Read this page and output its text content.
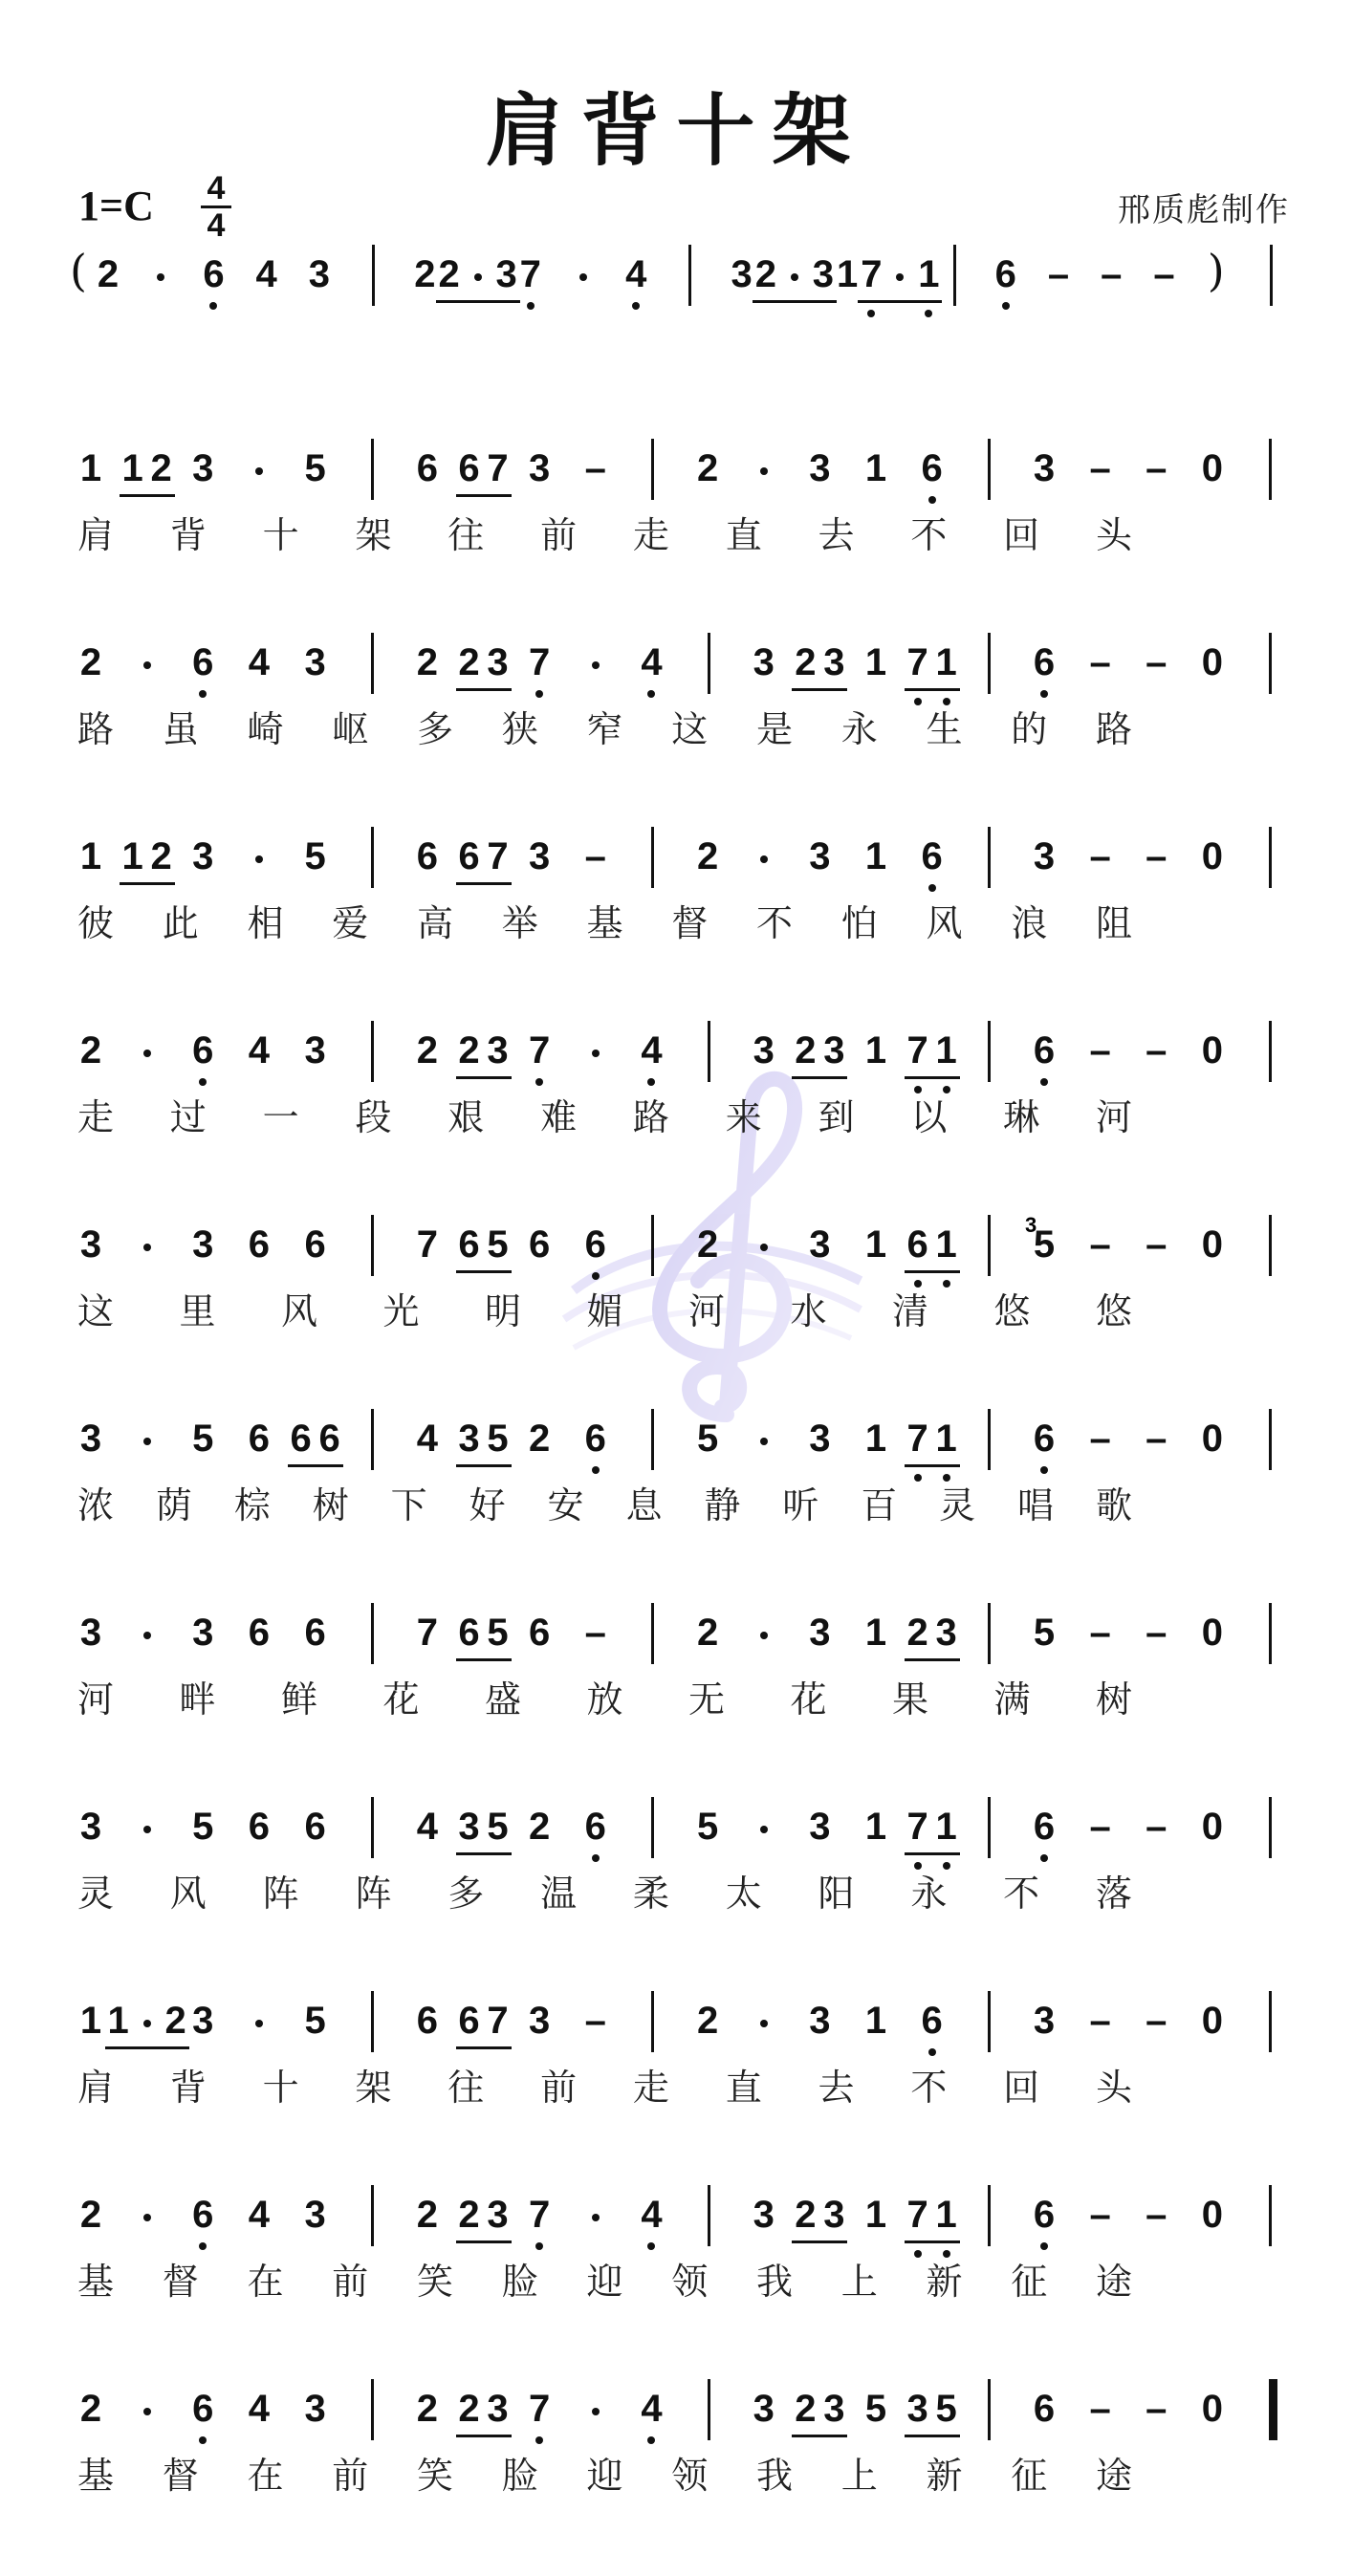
肩背十架
1=C 4
4	邢质彪制作
( 2 6 4 3 2 2 3 7 4 3 2 3 1 7 1 6 – – – )
1 1 2 3 5 6 6 7 3 – 2 3 1 6 3 – – 0
肩 背 十 架 往 前 走 直 去 不 回 头
2 6 4 3 2 2 3 7 4 3 2 3 1 7 1 6 – – 0
路 虽 崎 岖 多 狭 窄 这 是 永 生 的 路
1 1 2 3 5 6 6 7 3 – 2 3 1 6 3 – – 0
彼 此 相 爱 高 举 基 督 不 怕 风 浪 阻
2 6 4 3 2 2 3 7 4 3 2 3 1 7 1 6 – – 0
走 过 一 段 艰 难 路 来 到 以 琳 河
3 3 6 6 7 6 5 6 6 2 3 1 6 1 5 – – 0
3
这 里 风 光 明 媚 河 水 清 悠 悠
3 5 6 6 6 4 3 5 2 6 5 3 1 7 1 6 – – 0
浓 荫 棕 树 下 好 安 息 静 听 百 灵 唱 歌
3 3 6 6 7 6 5 6 – 2 3 1 2 3 5 – – 0
河 畔 鲜 花 盛 放 无 花 果 满 树
3 5 6 6 4 3 5 2 6 5 3 1 7 1 6 – – 0
灵 风 阵 阵 多 温 柔 太 阳 永 不 落
1 1 2 3 5 6 6 7 3 – 2 3 1 6 3 – – 0
肩 背 十 架 往 前 走 直 去 不 回 头
2 6 4 3 2 2 3 7 4 3 2 3 1 7 1 6 – – 0
基 督 在 前 笑 脸 迎 领 我 上 新 征 途
2 6 4 3 2 2 3 7 4 3 2 3 5 3 5 6 – – 0
基 督 在 前 笑 脸 迎 领 我 上 新 征 途
